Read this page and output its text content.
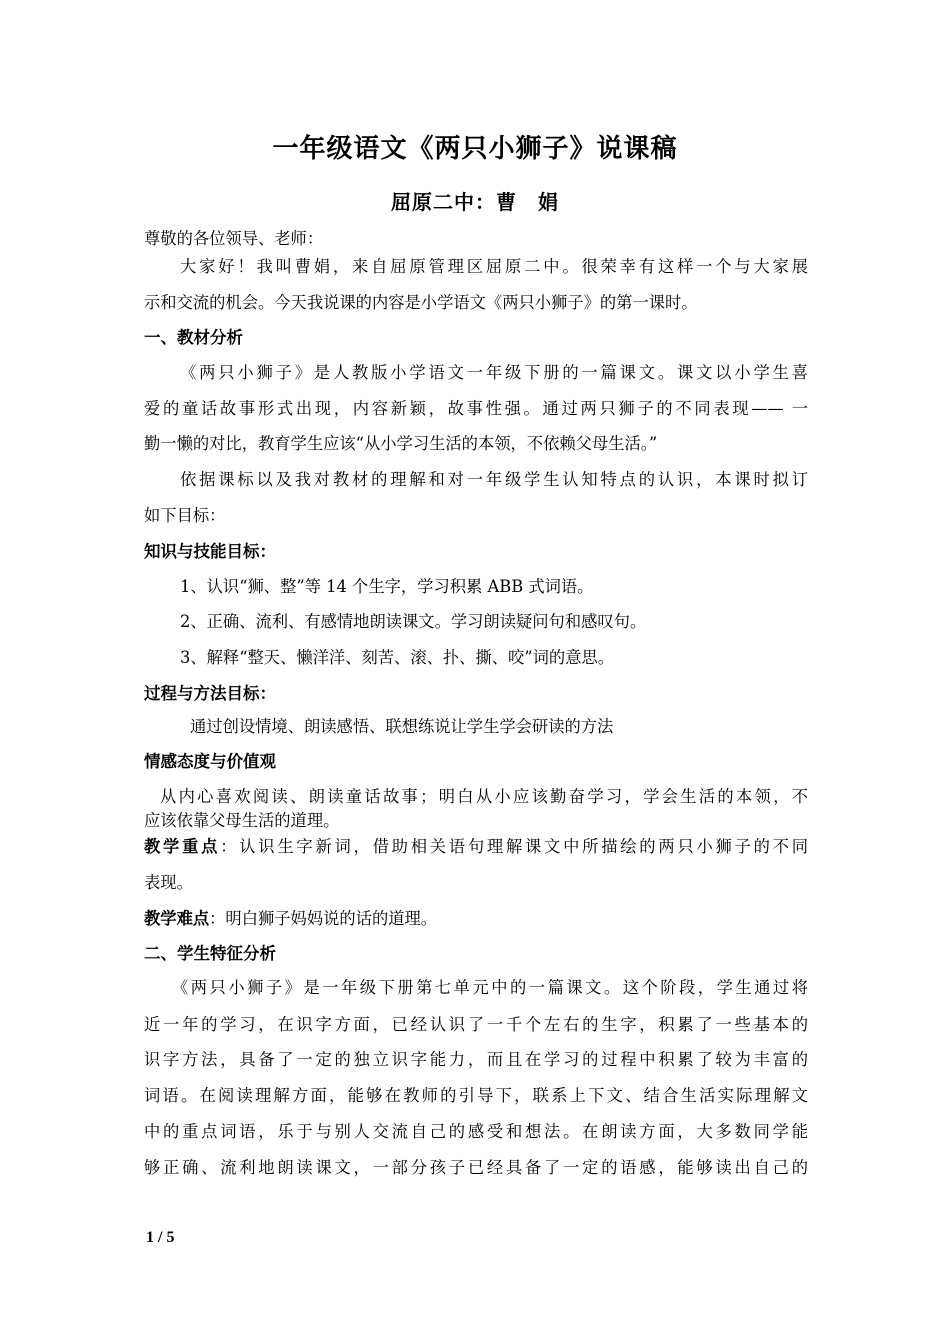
一年级语文《两只小狮子》说课稿
屈原二中：曹　娟
尊敬的各位领导、老师：
大家好！我叫曹娟，来自屈原管理区屈原二中。很荣幸有这样一个与大家展
示和交流的机会。今天我说课的内容是小学语文《两只小狮子》的第一课时。
一、教材分析
《两只小狮子》是人教版小学语文一年级下册的一篇课文。课文以小学生喜
爱的童话故事形式出现，内容新颖，故事性强。通过两只狮子的不同表现—— 一
勤一懒的对比，教育学生应该“从小学习生活的本领，不依赖父母生活。”
依据课标以及我对教材的理解和对一年级学生认知特点的认识，本课时拟订
如下目标：
知识与技能目标：
1、认识“狮、整”等 14 个生字，学习积累 ABB 式词语。
2、正确、流利、有感情地朗读课文。学习朗读疑问句和感叹句。
3、解释“整天、懒洋洋、刻苦、滚、扑、撕、咬”词的意思。
过程与方法目标：
通过创设情境、朗读感悟、联想练说让学生学会研读的方法
情感态度与价值观
从内心喜欢阅读、朗读童话故事；明白从小应该勤奋学习，学会生活的本领，不
应该依靠父母生活的道理。
教学重点：认识生字新词，借助相关语句理解课文中所描绘的两只小狮子的不同
表现。
教学难点：明白狮子妈妈说的话的道理。
二、学生特征分析
《两只小狮子》是一年级下册第七单元中的一篇课文。这个阶段，学生通过将
近一年的学习，在识字方面，已经认识了一千个左右的生字，积累了一些基本的
识字方法，具备了一定的独立识字能力，而且在学习的过程中积累了较为丰富的
词语。在阅读理解方面，能够在教师的引导下，联系上下文、结合生活实际理解文
中的重点词语，乐于与别人交流自己的感受和想法。在朗读方面，大多数同学能
够正确、流利地朗读课文，一部分孩子已经具备了一定的语感，能够读出自己的
1 / 5
